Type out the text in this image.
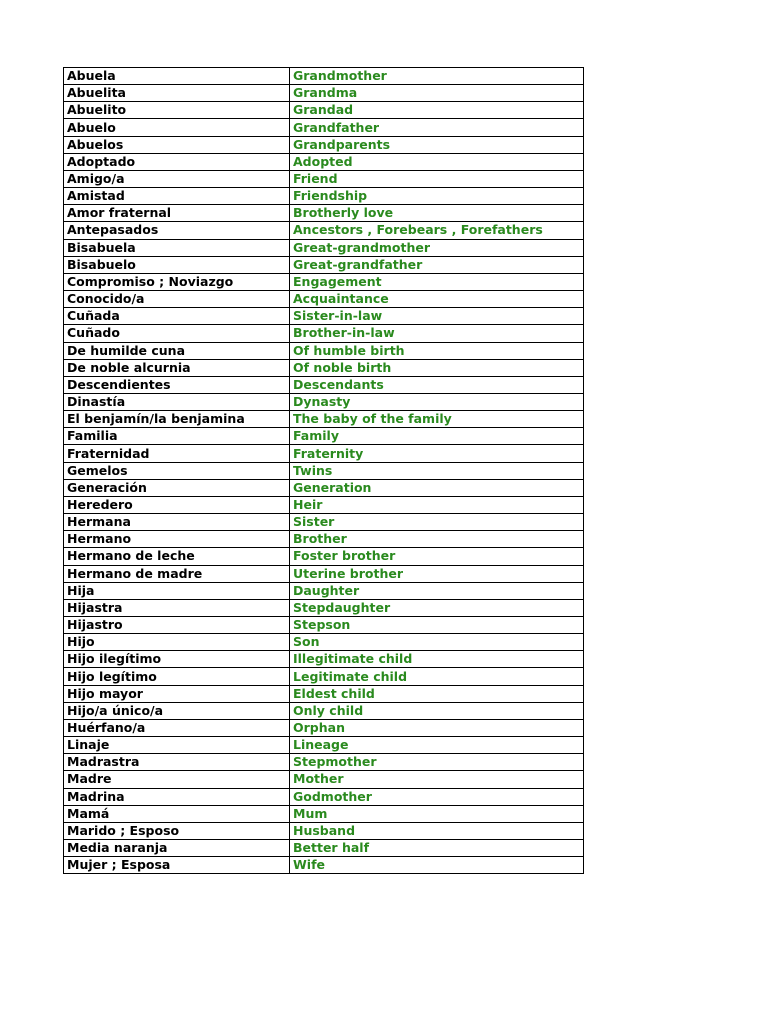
Abuela	Grandmother
Abuelita	Grandma
Abuelito	Grandad
Abuelo	Grandfather
Abuelos	Grandparents
Adoptado	Adopted
Amigo/a	Friend
Amistad	Friendship
Amor fraternal	Brotherly love
Antepasados	Ancestors , Forebears , Forefathers
Bisabuela	Great-grandmother
Bisabuelo	Great-grandfather
Compromiso ; Noviazgo	Engagement
Conocido/a	Acquaintance
Cuñada	Sister-in-law
Cuñado	Brother-in-law
De humilde cuna	Of humble birth
De noble alcurnia	Of noble birth
Descendientes	Descendants
Dinastía	Dynasty
El benjamín/la benjamina	The baby of the family
Familia	Family
Fraternidad	Fraternity
Gemelos	Twins
Generación	Generation
Heredero	Heir
Hermana	Sister
Hermano	Brother
Hermano de leche	Foster brother
Hermano de madre	Uterine brother
Hija	Daughter
Hijastra	Stepdaughter
Hijastro	Stepson
Hijo	Son
Hijo ilegítimo	Illegitimate child
Hijo legítimo	Legitimate child
Hijo mayor	Eldest child
Hijo/a único/a	Only child
Huérfano/a	Orphan
Linaje	Lineage
Madrastra	Stepmother
Madre	Mother
Madrina	Godmother
Mamá	Mum
Marido ; Esposo	Husband
Media naranja	Better half
Mujer ; Esposa	Wife
